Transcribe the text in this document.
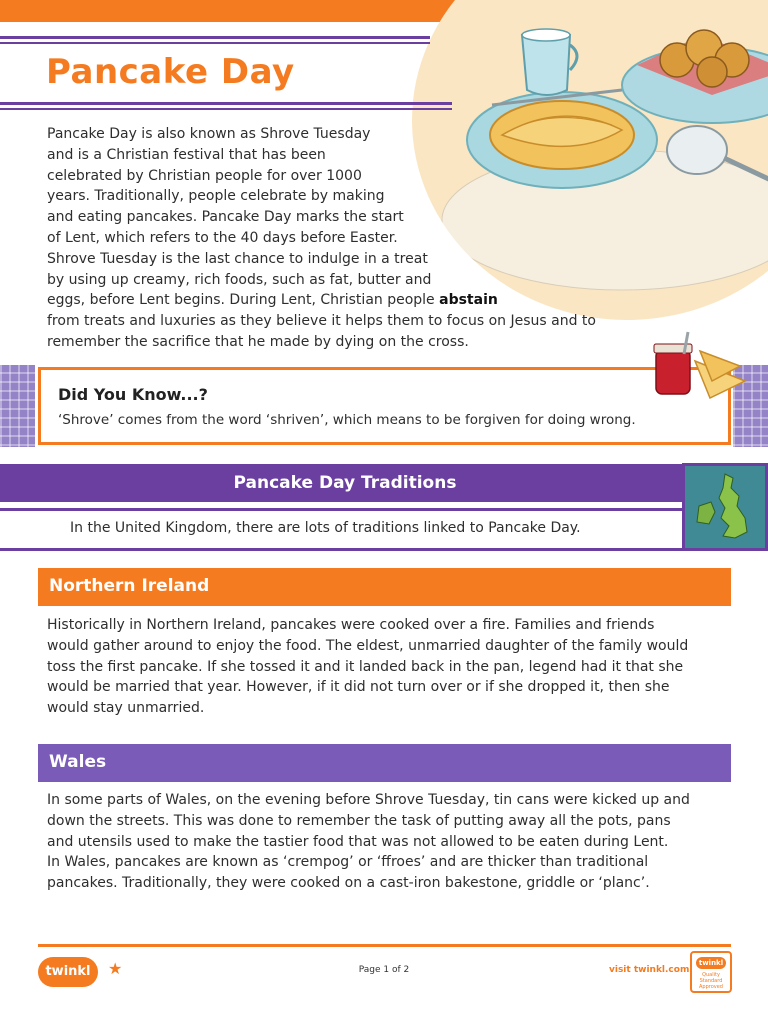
Pancake Day
Pancake Day is also known as Shrove Tuesday
and is a Christian festival that has been
celebrated by Christian people for over 1000
years. Traditionally, people celebrate by making
and eating pancakes. Pancake Day marks the start
of Lent, which refers to the 40 days before Easter.
Shrove Tuesday is the last chance to indulge in a treat
by using up creamy, rich foods, such as fat, butter and
eggs, before Lent begins. During Lent, Christian people abstain
from treats and luxuries as they believe it helps them to focus on Jesus and to
remember the sacrifice that he made by dying on the cross.
Did You Know...?
‘Shrove’ comes from the word ‘shriven’, which means to be forgiven for doing wrong.
Pancake Day Traditions
In the United Kingdom, there are lots of traditions linked to Pancake Day.
Northern Ireland
Historically in Northern Ireland, pancakes were cooked over a fire. Families and friends
would gather around to enjoy the food. The eldest, unmarried daughter of the family would
toss the first pancake. If she tossed it and it landed back in the pan, legend had it that she
would be married that year. However, if it did not turn over or if she dropped it, then she
would stay unmarried.
Wales
In some parts of Wales, on the evening before Shrove Tuesday, tin cans were kicked up and
down the streets. This was done to remember the task of putting away all the pots, pans
and utensils used to make the tastier food that was not allowed to be eaten during Lent.
In Wales, pancakes are known as ‘crempog’ or ‘ffroes’ and are thicker than traditional
pancakes. Traditionally, they were cooked on a cast-iron bakestone, griddle or ‘planc’.
twinkl	★	Page 1 of 2	visit twinkl.com
twinkl
Quality Standard Approved
